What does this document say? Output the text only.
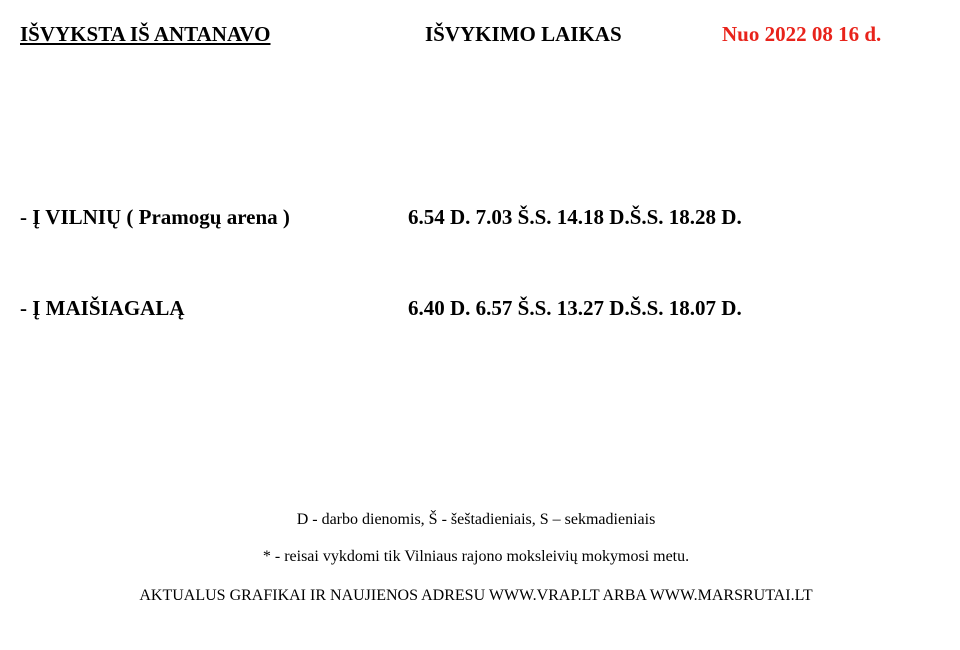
IŠVYKSTA IŠ ANTANAVO	IŠVYKIMO LAIKAS	Nuo 2022 08 16 d.
- Į VILNIŲ ( Pramogų arena )	6.54 D. 7.03 Š.S. 14.18 D.Š.S. 18.28 D.
- Į MAIŠIAGALĄ	6.40 D. 6.57 Š.S. 13.27 D.Š.S. 18.07 D.
D - darbo dienomis, Š - šeštadieniais, S – sekmadieniais
* - reisai vykdomi tik Vilniaus rajono moksleivių mokymosi metu.
AKTUALUS GRAFIKAI IR NAUJIENOS ADRESU WWW.VRAP.LT ARBA WWW.MARSRUTAI.LT
